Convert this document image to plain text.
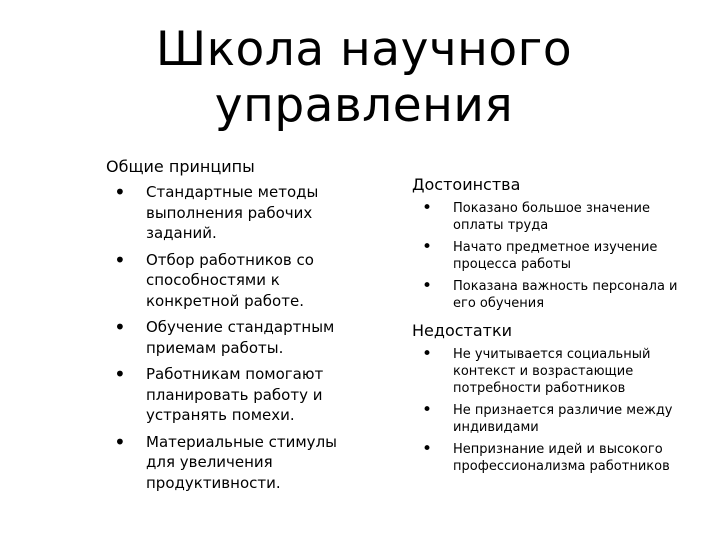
Школа научного
управления
Общие принципы
• Стандартные методы выполнения рабочих заданий.
• Отбор работников со способностями к конкретной работе.
• Обучение стандартным приемам работы.
• Работникам помогают планировать работу и устранять помехи.
• Материальные стимулы для увеличения продуктивности.
Достоинства
• Показано большое значение оплаты труда
• Начато предметное изучение процесса работы
• Показана важность персонала и его обучения
Недостатки
• Не учитывается социальный контекст и возрастающие потребности работников
• Не признается различие между индивидами
• Непризнание идей и высокого профессионализма работников
